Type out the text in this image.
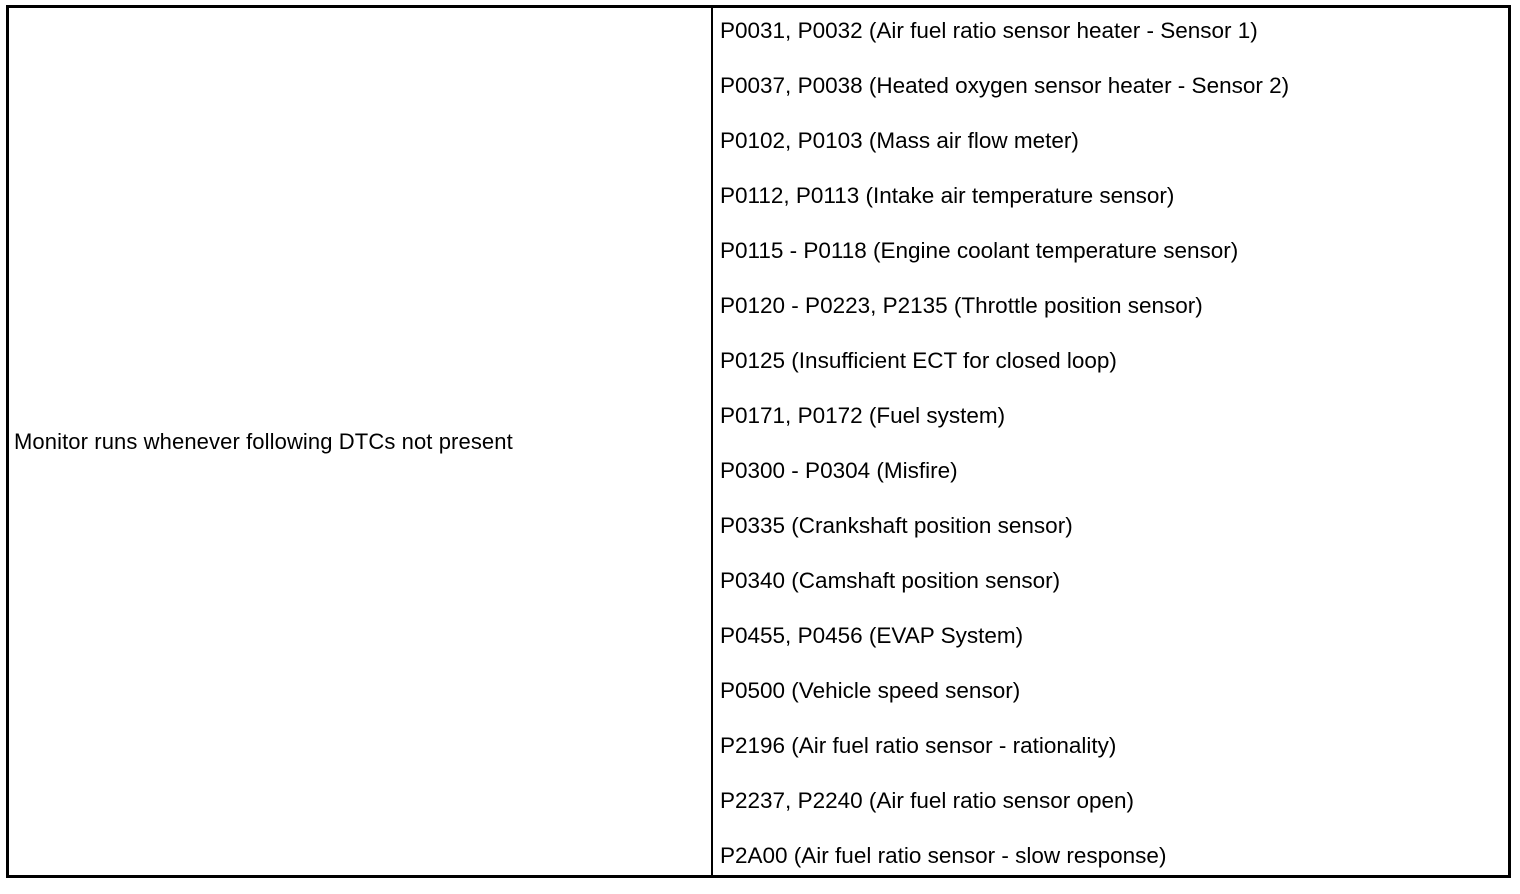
Monitor runs whenever following DTCs not present
P0031, P0032 (Air fuel ratio sensor heater - Sensor 1)
P0037, P0038 (Heated oxygen sensor heater - Sensor 2)
P0102, P0103 (Mass air flow meter)
P0112, P0113 (Intake air temperature sensor)
P0115 - P0118 (Engine coolant temperature sensor)
P0120 - P0223, P2135 (Throttle position sensor)
P0125 (Insufficient ECT for closed loop)
P0171, P0172 (Fuel system)
P0300 - P0304 (Misfire)
P0335 (Crankshaft position sensor)
P0340 (Camshaft position sensor)
P0455, P0456 (EVAP System)
P0500 (Vehicle speed sensor)
P2196 (Air fuel ratio sensor - rationality)
P2237, P2240 (Air fuel ratio sensor open)
P2A00 (Air fuel ratio sensor - slow response)
